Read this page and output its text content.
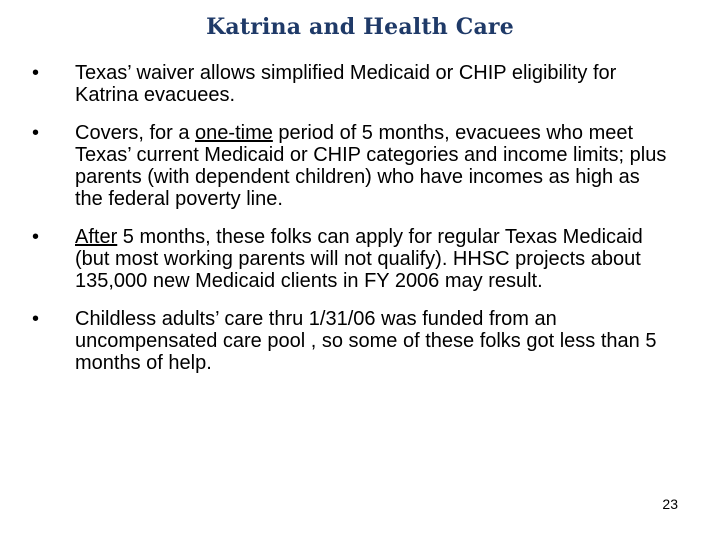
Katrina and Health Care
• Texas’ waiver allows simplified Medicaid or CHIP eligibility for Katrina evacuees.
• Covers, for a one-time period of 5 months, evacuees who meet Texas’ current Medicaid or CHIP categories and income limits; plus parents (with dependent children) who have incomes as high as the federal poverty line.
• After 5 months, these folks can apply for regular Texas Medicaid (but most working parents will not qualify). HHSC projects about 135,000 new Medicaid clients in FY 2006 may result.
• Childless adults’ care thru 1/31/06 was funded from an uncompensated care pool , so some of these folks got less than 5 months of help.
23
